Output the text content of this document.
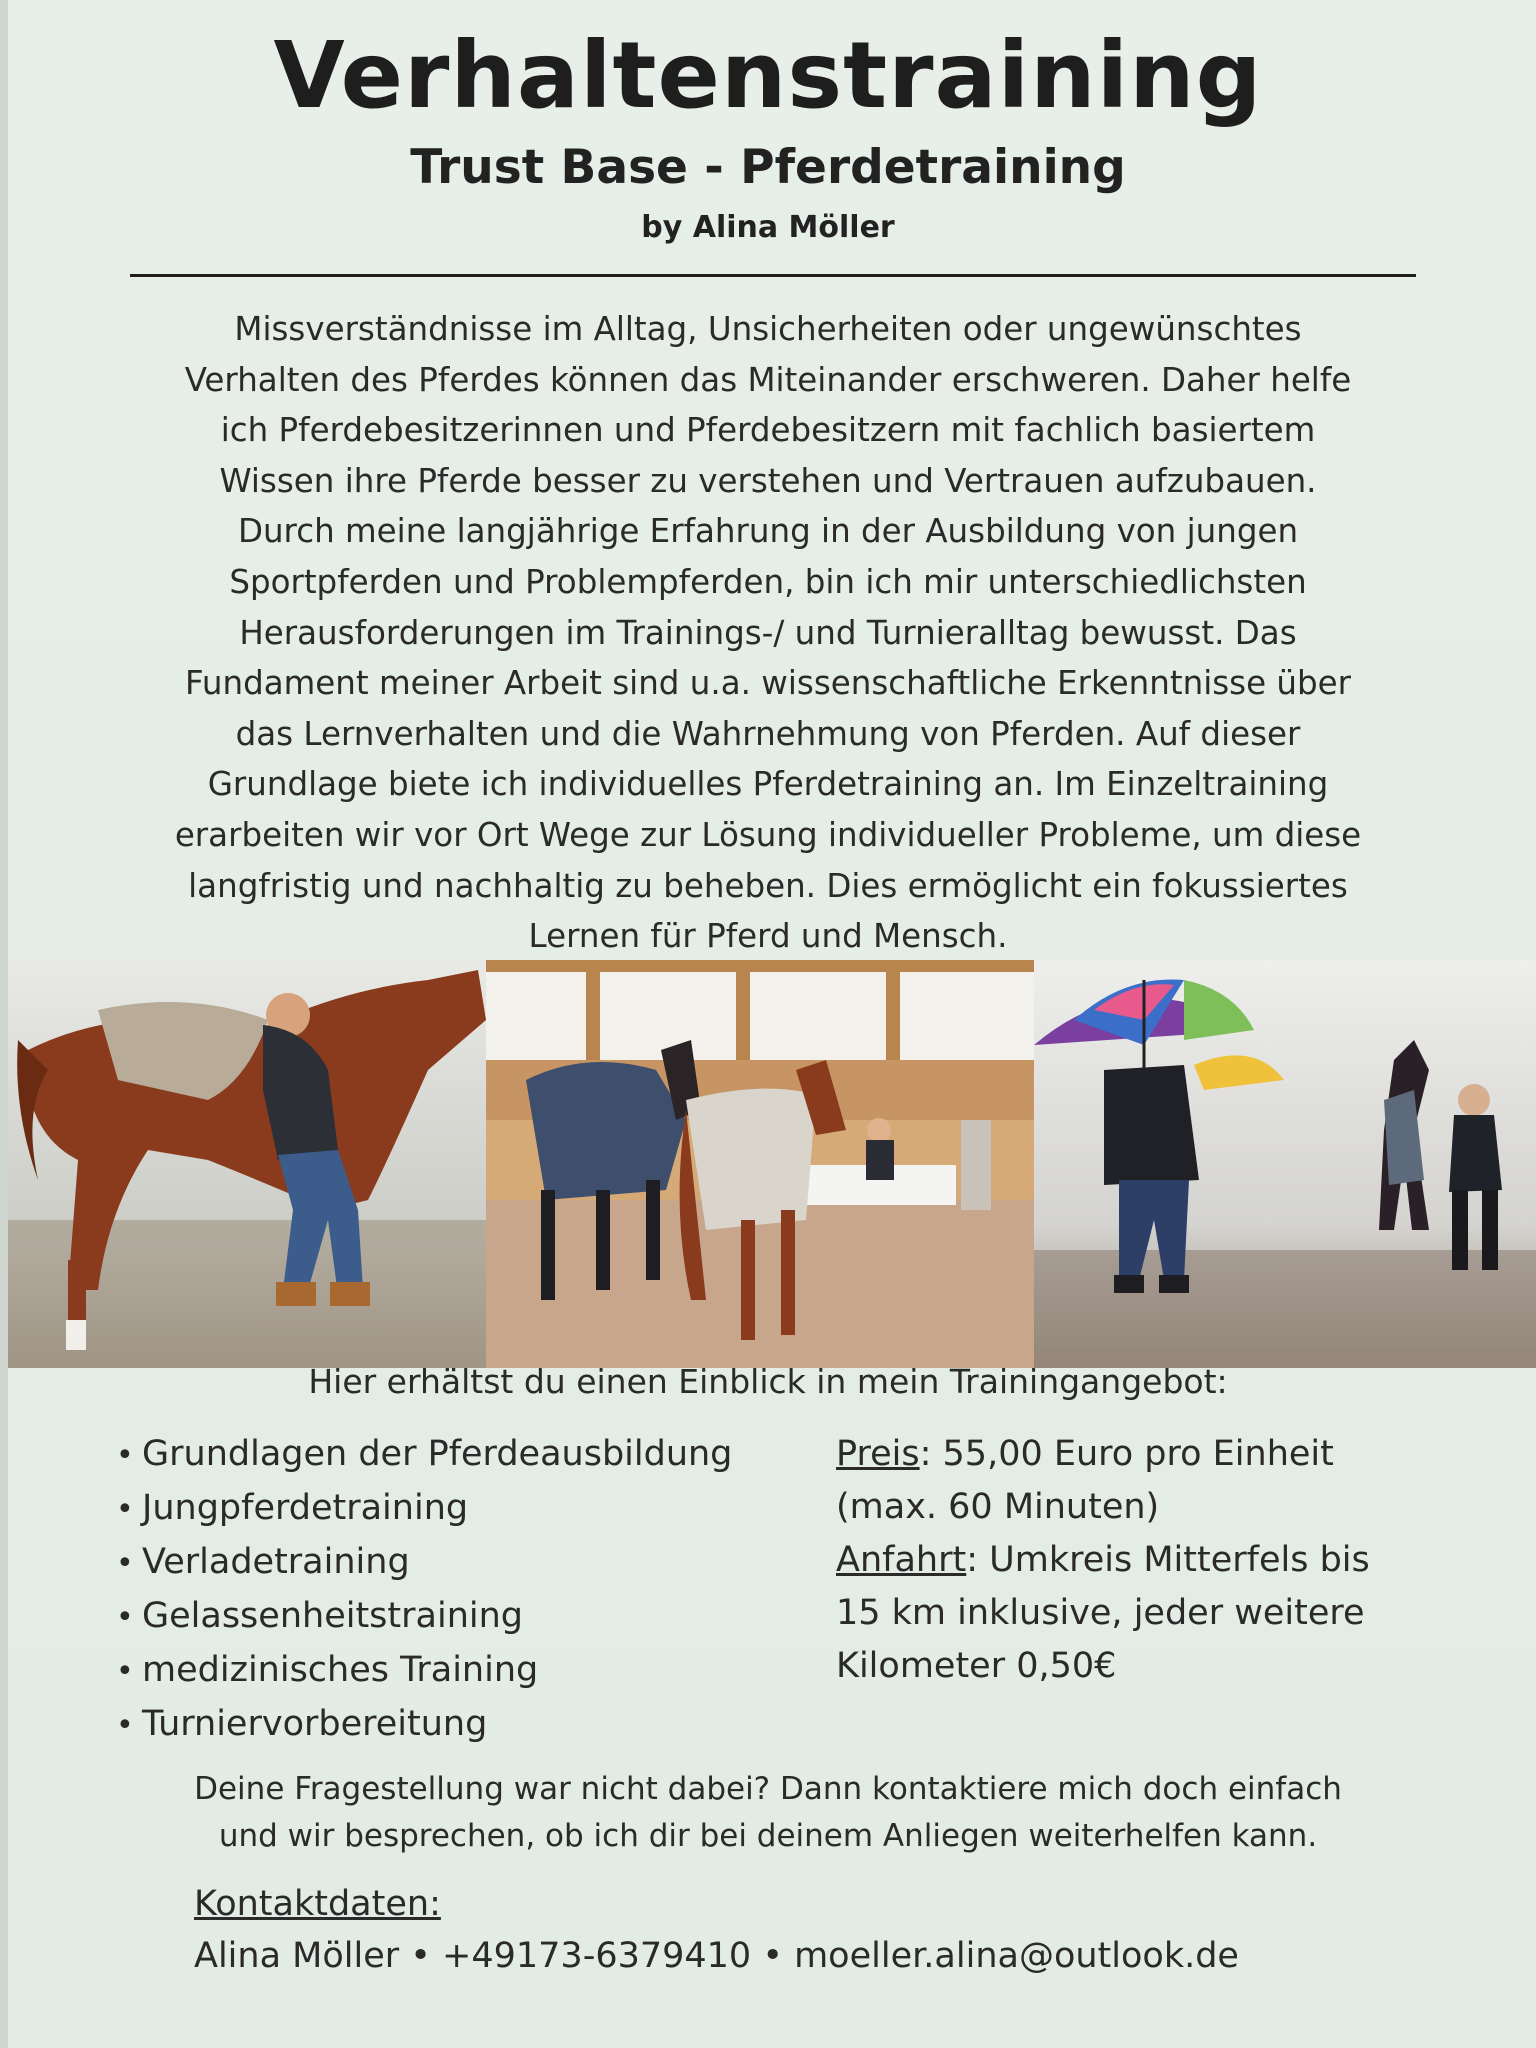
Verhaltenstraining
Trust Base - Pferdetraining
by Alina Möller

Missverständnisse im Alltag, Unsicherheiten oder ungewünschtes
Verhalten des Pferdes können das Miteinander erschweren. Daher helfe
ich Pferdebesitzerinnen und Pferdebesitzern mit fachlich basiertem
Wissen ihre Pferde besser zu verstehen und Vertrauen aufzubauen.
Durch meine langjährige Erfahrung in der Ausbildung von jungen
Sportpferden und Problempferden, bin ich mir unterschiedlichsten
Herausforderungen im Trainings-/ und Turnieralltag bewusst. Das
Fundament meiner Arbeit sind u.a. wissenschaftliche Erkenntnisse über
das Lernverhalten und die Wahrnehmung von Pferden. Auf dieser
Grundlage biete ich individuelles Pferdetraining an. Im Einzeltraining
erarbeiten wir vor Ort Wege zur Lösung individueller Probleme, um diese
langfristig und nachhaltig zu beheben. Dies ermöglicht ein fokussiertes
Lernen für Pferd und Mensch.

Hier erhältst du einen Einblick in mein Trainingangebot:
• Grundlagen der Pferdeausbildung
• Jungpferdetraining
• Verladetraining
• Gelassenheitstraining
• medizinisches Training
• Turniervorbereitung
Preis: 55,00 Euro pro Einheit
(max. 60 Minuten)
Anfahrt: Umkreis Mitterfels bis
15 km inklusive, jeder weitere
Kilometer 0,50€
Deine Fragestellung war nicht dabei? Dann kontaktiere mich doch einfach
und wir besprechen, ob ich dir bei deinem Anliegen weiterhelfen kann.
Kontaktdaten:
Alina Möller • +49173-6379410 • moeller.alina@outlook.de
